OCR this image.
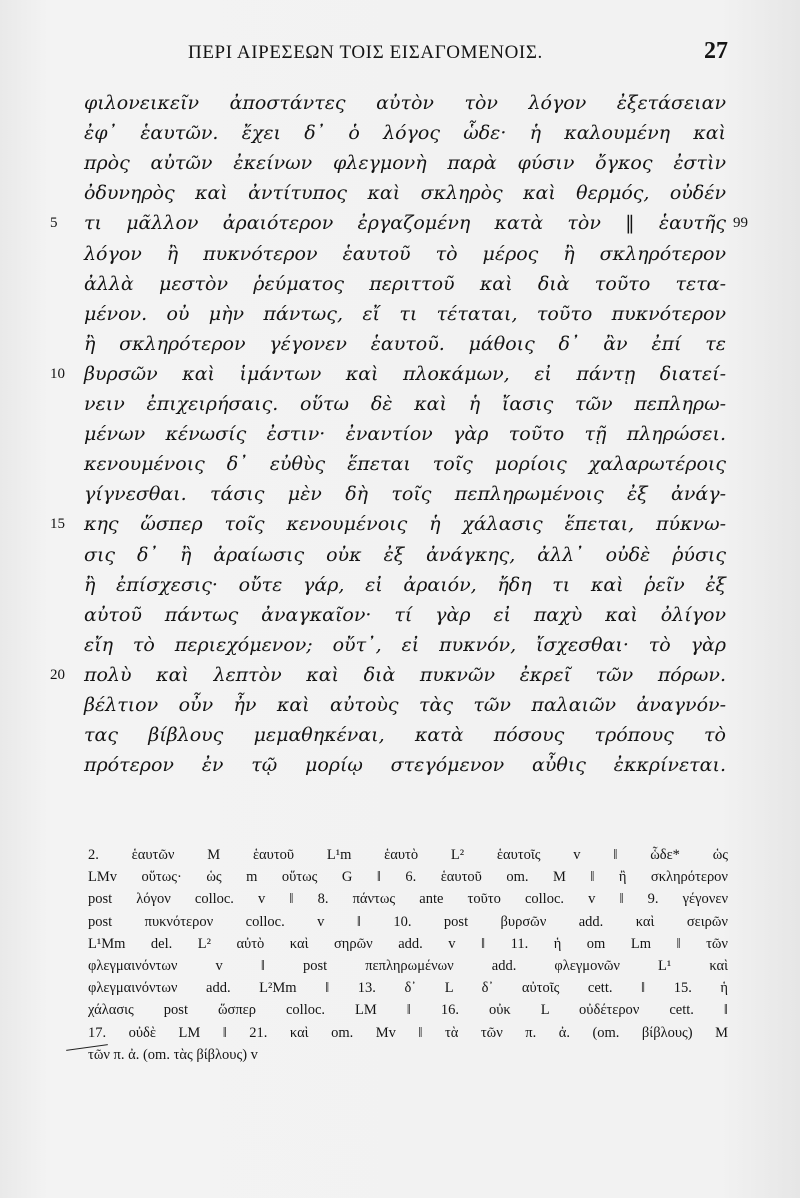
ΠΕΡΙ ΑΙΡΕΣΕΩΝ ΤΟΙΣ ΕΙΣΑΓΟΜΕΝΟΙΣ.	27
φιλονεικεῖν ἀποστάντες αὐτὸν τὸν λόγον ἐξετάσειαν
ἐφ᾽ ἑαυτῶν. ἔχει δ᾽ ὁ λόγος ὧδε· ἡ καλουμένη καὶ
πρὸς αὐτῶν ἐκείνων φλεγμονὴ παρὰ φύσιν ὄγκος ἐστὶν
ὀδυνηρὸς καὶ ἀντίτυπος καὶ σκληρὸς καὶ θερμός, οὐδέν
τι μᾶλλον ἀραιότερον ἐργαζομένη κατὰ τὸν ‖ ἑαυτῆς
5	99
λόγον ἢ πυκνότερον ἑαυτοῦ τὸ μέρος ἢ σκληρότερον
ἀλλὰ μεστὸν ῥεύματος περιττοῦ καὶ διὰ τοῦτο τετα-
μένον. οὐ μὴν πάντως, εἴ τι τέταται, τοῦτο πυκνότερον
ἢ σκληρότερον γέγονεν ἑαυτοῦ. μάθοις δ᾽ ἂν ἐπί τε
βυρσῶν καὶ ἱμάντων καὶ πλοκάμων, εἰ πάντῃ διατεί-
10
νειν ἐπιχειρήσαις. οὕτω δὲ καὶ ἡ ἴασις τῶν πεπληρω-
μένων κένωσίς ἐστιν· ἐναντίον γὰρ τοῦτο τῇ πληρώσει.
κενουμένοις δ᾽ εὐθὺς ἕπεται τοῖς μορίοις χαλαρωτέροις
γίγνεσθαι. τάσις μὲν δὴ τοῖς πεπληρωμένοις ἐξ ἀνάγ-
κης ὥσπερ τοῖς κενουμένοις ἡ χάλασις ἕπεται, πύκνω-
15
σις δ᾽ ἢ ἀραίωσις οὐκ ἐξ ἀνάγκης, ἀλλ᾽ οὐδὲ ῥύσις
ἢ ἐπίσχεσις· οὔτε γάρ, εἰ ἀραιόν, ἤδη τι καὶ ῥεῖν ἐξ
αὐτοῦ πάντως ἀναγκαῖον· τί γὰρ εἰ παχὺ καὶ ὀλίγον
εἴη τὸ περιεχόμενον; οὔτ᾽, εἰ πυκνόν, ἴσχεσθαι· τὸ γὰρ
πολὺ καὶ λεπτὸν καὶ διὰ πυκνῶν ἐκρεῖ τῶν πόρων.
20
βέλτιον οὖν ἦν καὶ αὐτοὺς τὰς τῶν παλαιῶν ἀναγνόν-
τας βίβλους μεμαθηκέναι, κατὰ πόσους τρόπους τὸ
πρότερον ἐν τῷ μορίῳ στεγόμενον αὖθις ἐκκρίνεται.
2. ἑαυτῶν M ἑαυτοῦ L¹m ἑαυτὸ L² ἑαυτοῖς v ‖ ὧδε* ὡς
LMv οὕτως· ὡς m οὕτως G ‖ 6. ἑαυτοῦ om. M ‖ ἢ σκληρότερον
post λόγον colloc. v ‖ 8. πάντως ante τοῦτο colloc. v ‖ 9. γέγονεν
post πυκνότερον colloc. v ‖ 10. post βυρσῶν add. καὶ σειρῶν
L¹Mm del. L² αὐτὸ καὶ σηρῶν add. v ‖ 11. ἡ om Lm ‖ τῶν
φλεγμαινόντων v ‖ post πεπληρωμένων add. φλεγμονῶν L¹ καὶ
φλεγμαινόντων add. L²Mm ‖ 13. δ᾽ L δ᾽ αὐτοῖς cett. ‖ 15. ἡ
χάλασις post ὥσπερ colloc. LM ‖ 16. οὐκ L οὐδέτερον cett. ‖
17. οὐδὲ LM ‖ 21. καὶ om. Mv ‖ τὰ τῶν π. ἀ. (om. βίβλους) M
τῶν π. ἀ. (om. τὰς βίβλους) v
